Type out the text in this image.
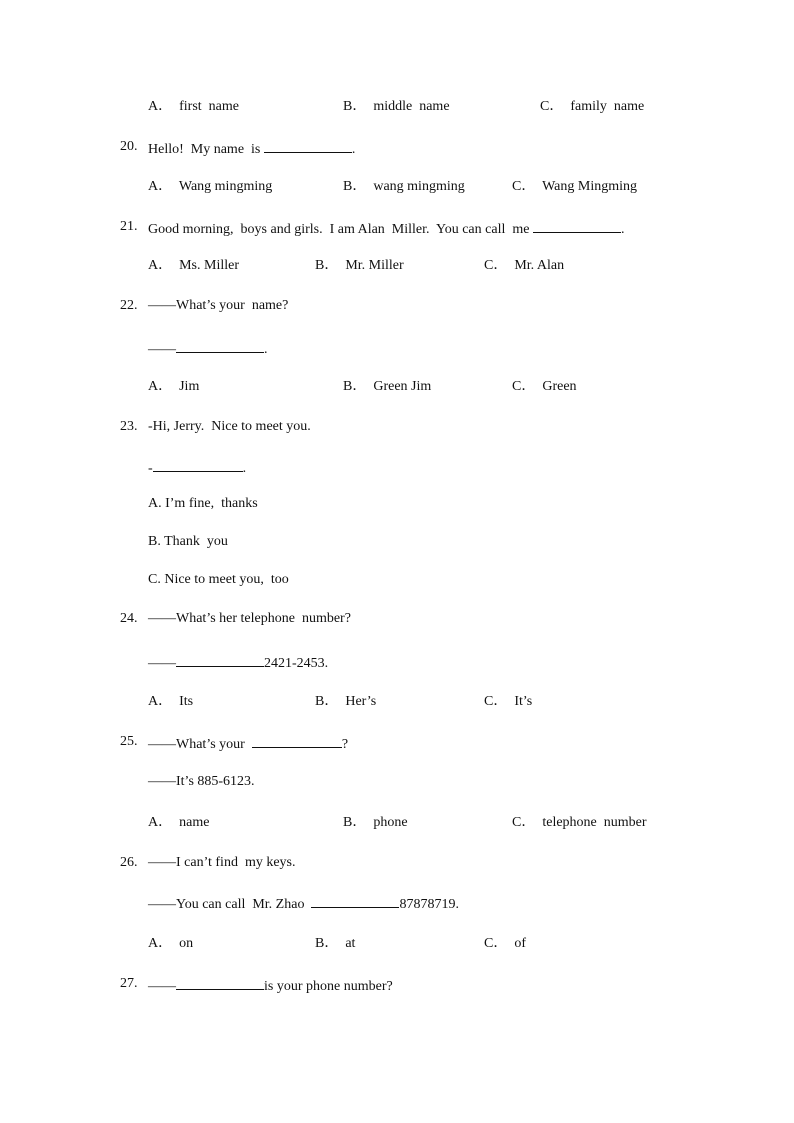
A．  first  name	B．  middle  name	C．  family  name
20. Hello!  My name  is	.
A．  Wang mingming	B．  wang mingming	C．  Wang Mingming
21. Good morning,  boys and girls.  I am Alan  Miller.  You can call  me	.
A．  Ms. Miller	B．  Mr. Miller	C．  Mr. Alan
22. ——What’s your  name?
——	.
A．  Jim	B．  Green Jim	C．  Green
23. -Hi, Jerry.  Nice to meet you.
-	.
A. I’m fine,  thanks
B. Thank  you
C. Nice to meet you,  too
24. ——What’s her telephone  number?
——	2421-2453.
A．  Its	B．  Her’s	C．  It’s
25. ——What’s your	?
——It’s 885-6123.
A．  name	B．  phone	C．  telephone  number
26. ——I can’t find  my keys.
——You can call  Mr. Zhao	87878719.
A．  on	B．  at	C．  of
27. ——	is your phone number?
